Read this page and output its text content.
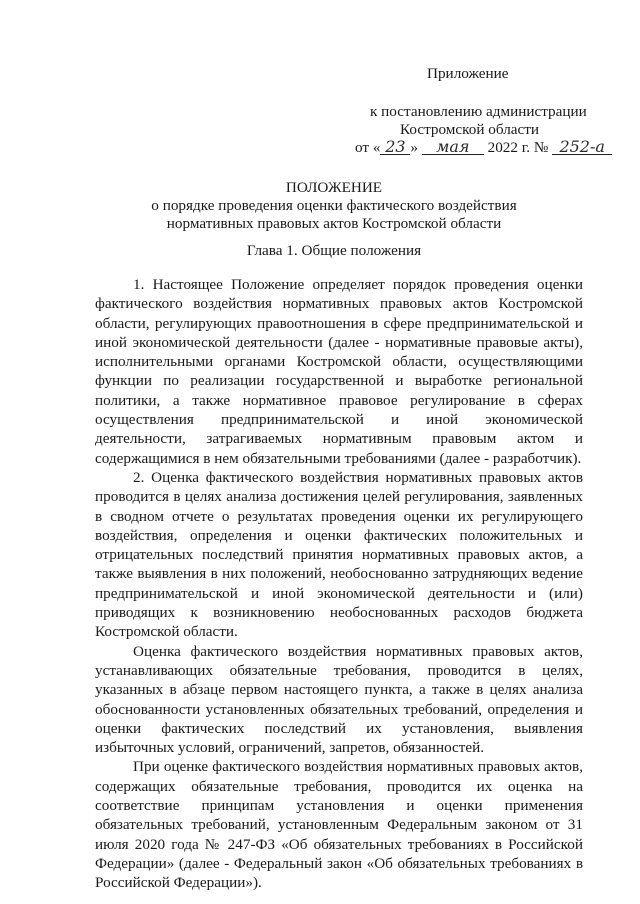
Приложение
к постановлению администрации
Костромской области
от « 23 » мая 2022 г. № 252-а
ПОЛОЖЕНИЕ
о порядке проведения оценки фактического воздействия
нормативных правовых актов Костромской области
Глава 1. Общие положения

1. Настоящее Положение определяет порядок проведения оценки фактического воздействия нормативных правовых актов Костромской области, регулирующих правоотношения в сфере предпринимательской и иной экономической деятельности (далее - нормативные правовые акты), исполнительными органами Костромской области, осуществляющими функции по реализации государственной и выработке региональной политики, а также нормативное правовое регулирование в сферах осуществления предпринимательской и иной экономической деятельности, затрагиваемых нормативным правовым актом и содержащимися в нем обязательными требованиями (далее - разработчик).

2. Оценка фактического воздействия нормативных правовых актов проводится в целях анализа достижения целей регулирования, заявленных в сводном отчете о результатах проведения оценки их регулирующего воздействия, определения и оценки фактических положительных и отрицательных последствий принятия нормативных правовых актов, а также выявления в них положений, необоснованно затрудняющих ведение предпринимательской и иной экономической деятельности и (или) приводящих к возникновению необоснованных расходов бюджета Костромской области.

Оценка фактического воздействия нормативных правовых актов, устанавливающих обязательные требования, проводится в целях, указанных в абзаце первом настоящего пункта, а также в целях анализа обоснованности установленных обязательных требований, определения и оценки фактических последствий их установления, выявления избыточных условий, ограничений, запретов, обязанностей.

При оценке фактического воздействия нормативных правовых актов, содержащих обязательные требования, проводится их оценка на соответствие принципам установления и оценки применения обязательных требований, установленным Федеральным законом от 31 июля 2020 года № 247-ФЗ «Об обязательных требованиях в Российской Федерации» (далее - Федеральный закон «Об обязательных требованиях в Российской Федерации»).
